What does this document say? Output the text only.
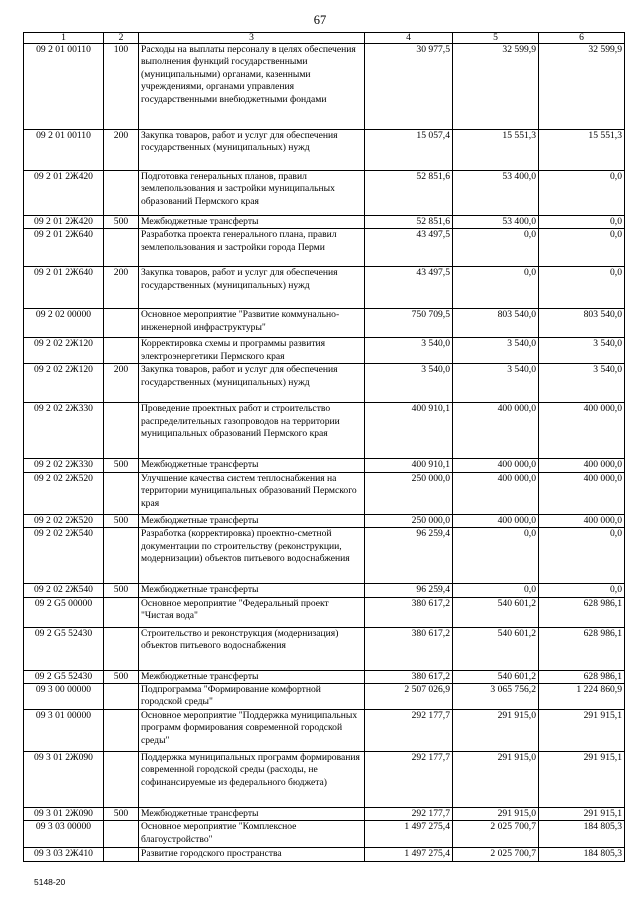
67
1	2	3	4	5	6
09 2 01 00110	100	Расходы на выплаты персоналу в целях обеспечения выполнения функций государственными (муниципальными) органами, казенными учреждениями, органами управления государственными внебюджетными фондами	30 977,5	32 599,9	32 599,9
09 2 01 00110	200	Закупка товаров, работ и услуг для обеспечения государственных (муниципальных) нужд	15 057,4	15 551,3	15 551,3
09 2 01 2Ж420		Подготовка генеральных планов, правил землепользования и застройки муниципальных образований Пермского края	52 851,6	53 400,0	0,0
09 2 01 2Ж420	500	Межбюджетные трансферты	52 851,6	53 400,0	0,0
09 2 01 2Ж640		Разработка проекта генерального плана, правил землепользования и застройки города Перми	43 497,5	0,0	0,0
09 2 01 2Ж640	200	Закупка товаров, работ и услуг для обеспечения государственных (муниципальных) нужд	43 497,5	0,0	0,0
09 2 02 00000		Основное мероприятие "Развитие коммунально-инженерной инфраструктуры"	750 709,5	803 540,0	803 540,0
09 2 02 2Ж120		Корректировка схемы и программы развития электроэнергетики Пермского края	3 540,0	3 540,0	3 540,0
09 2 02 2Ж120	200	Закупка товаров, работ и услуг для обеспечения государственных (муниципальных) нужд	3 540,0	3 540,0	3 540,0
09 2 02 2Ж330		Проведение проектных работ и строительство распределительных газопроводов на территории муниципальных образований Пермского края	400 910,1	400 000,0	400 000,0
09 2 02 2Ж330	500	Межбюджетные трансферты	400 910,1	400 000,0	400 000,0
09 2 02 2Ж520		Улучшение качества систем теплоснабжения на территории муниципальных образований Пермского края	250 000,0	400 000,0	400 000,0
09 2 02 2Ж520	500	Межбюджетные трансферты	250 000,0	400 000,0	400 000,0
09 2 02 2Ж540		Разработка (корректировка) проектно-сметной документации по строительству (реконструкции, модернизации) объектов питьевого водоснабжения	96 259,4	0,0	0,0
09 2 02 2Ж540	500	Межбюджетные трансферты	96 259,4	0,0	0,0
09 2 G5 00000		Основное мероприятие "Федеральный проект "Чистая вода"	380 617,2	540 601,2	628 986,1
09 2 G5 52430		Строительство и реконструкция (модернизация) объектов питьевого водоснабжения	380 617,2	540 601,2	628 986,1
09 2 G5 52430	500	Межбюджетные трансферты	380 617,2	540 601,2	628 986,1
09 3 00 00000		Подпрограмма "Формирование комфортной городской среды"	2 507 026,9	3 065 756,2	1 224 860,9
09 3 01 00000		Основное мероприятие "Поддержка муниципальных программ формирования современной городской среды"	292 177,7	291 915,0	291 915,1
09 3 01 2Ж090		Поддержка муниципальных программ формирования современной городской среды (расходы, не софинансируемые из федерального бюджета)	292 177,7	291 915,0	291 915,1
09 3 01 2Ж090	500	Межбюджетные трансферты	292 177,7	291 915,0	291 915,1
09 3 03 00000		Основное мероприятие "Комплексное благоустройство"	1 497 275,4	2 025 700,7	184 805,3
09 3 03 2Ж410		Развитие городского пространства	1 497 275,4	2 025 700,7	184 805,3
5148-20
